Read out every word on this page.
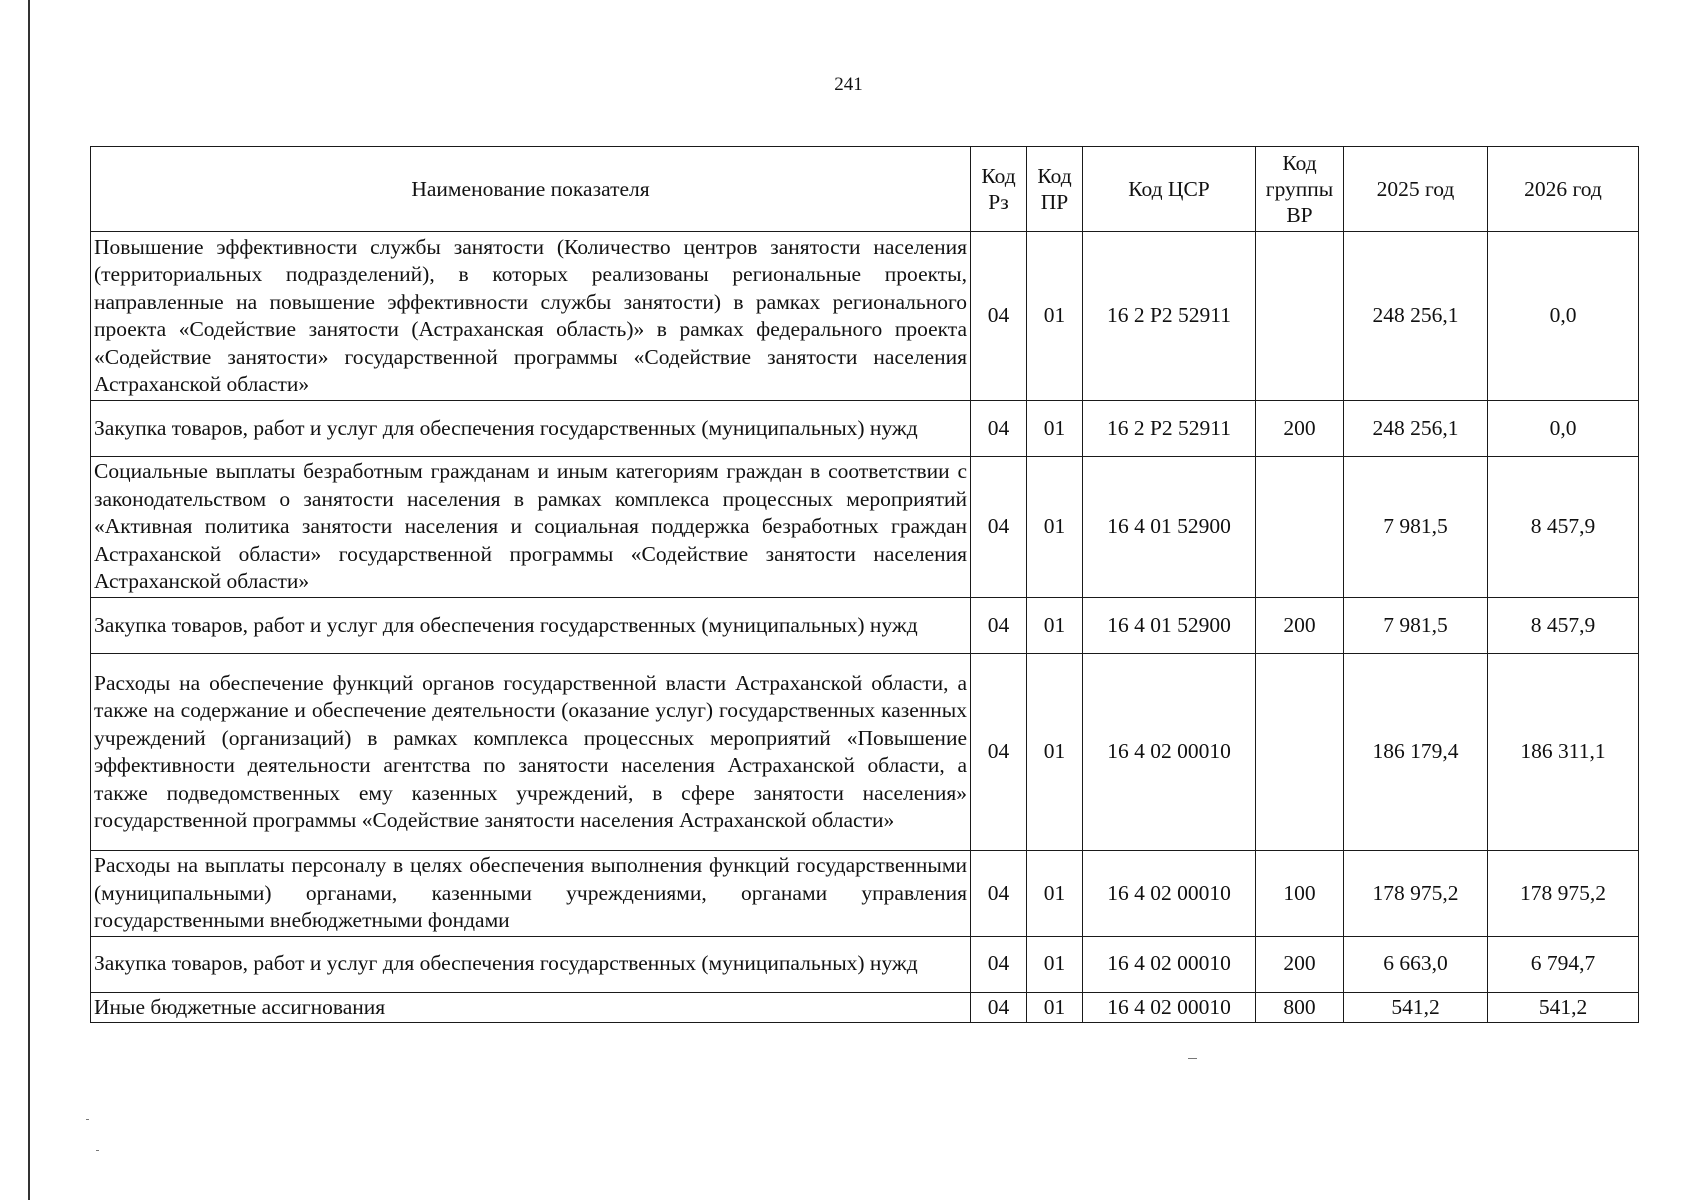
241
Наименование показателя	Код Рз	Код ПР	Код ЦСР	Код группы ВР	2025 год	2026 год
Повышение эффективности службы занятости (Количество центров занятости населения (территориальных подразделений), в которых реализованы региональные проекты, направленные на повышение эффективности службы занятости) в рамках регионального проекта «Содействие занятости (Астраханская область)» в рамках федерального проекта «Содействие занятости» государственной программы «Содействие занятости населения Астраханской области»	04	01	16 2 Р2 52911		248 256,1	0,0
Закупка товаров, работ и услуг для обеспечения государственных (муниципальных) нужд	04	01	16 2 Р2 52911	200	248 256,1	0,0
Социальные выплаты безработным гражданам и иным категориям граждан в соответствии с законодательством о занятости населения в рамках комплекса процессных мероприятий «Активная политика занятости населения и социальная поддержка безработных граждан Астраханской области» государственной программы «Содействие занятости населения Астраханской области»	04	01	16 4 01 52900		7 981,5	8 457,9
Закупка товаров, работ и услуг для обеспечения государственных (муниципальных) нужд	04	01	16 4 01 52900	200	7 981,5	8 457,9
Расходы на обеспечение функций органов государственной власти Астраханской области, а также на содержание и обеспечение деятельности (оказание услуг) государственных казенных учреждений (организаций) в рамках комплекса процессных мероприятий «Повышение эффективности деятельности агентства по занятости населения Астраханской области, а также подведомственных ему казенных учреждений, в сфере занятости населения» государственной программы «Содействие занятости населения Астраханской области»	04	01	16 4 02 00010		186 179,4	186 311,1
Расходы на выплаты персоналу в целях обеспечения выполнения функций государственными (муниципальными) органами, казенными учреждениями, органами управления государственными внебюджетными фондами	04	01	16 4 02 00010	100	178 975,2	178 975,2
Закупка товаров, работ и услуг для обеспечения государственных (муниципальных) нужд	04	01	16 4 02 00010	200	6 663,0	6 794,7
Иные бюджетные ассигнования	04	01	16 4 02 00010	800	541,2	541,2
